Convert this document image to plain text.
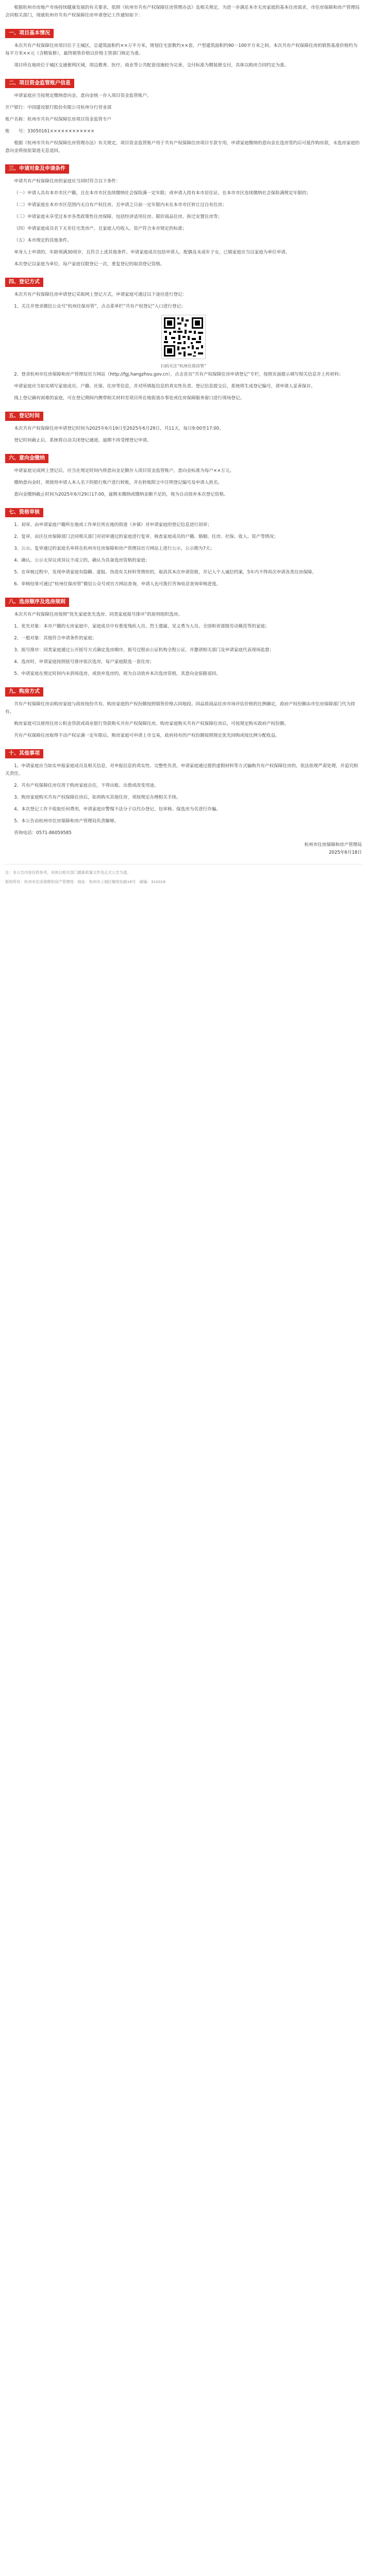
根据杭州市房地产市场持续健康发展的有关要求，依照《杭州市共有产权保障住房管理办法》及相关规定，为进一步满足本市无房家庭的基本住房需求，市住房保障和房产管理局会同相关部门，现就杭州市共有产权保障住房申请登记工作通知如下：

一、项目基本情况

本次共有产权保障住房项目位于主城区，总建筑面积约××万平方米，规划住宅套数约××套，户型建筑面积约90－100平方米之间。本次共有产权保障住房的销售基准价格约为每平方米××元（含精装修），最终销售价格以价格主管部门核定为准。

项目所在地块位于城区交通便利区域，周边教育、医疗、商业等公共配套设施较为完善，交付标准为精装修交付，具体以购房合同约定为准。

二、项目资金监管账户信息

申请家庭应当按规定缴纳意向金，意向金统一存入项目资金监管账户。

开户银行：中国建设银行股份有限公司杭州分行营业部

账户名称：杭州市共有产权保障住房项目资金监管专户

账　　号：33050161××××××××××××

根据《杭州市共有产权保障住房管理办法》有关规定，项目资金监管账户用于共有产权保障住房项目专款专用，申请家庭缴纳的意向金在选房签约后可抵作购房款，未选房家庭的意向金将按原渠道无息退回。

三、申请对象及申请条件

申请共有产权保障住房的家庭应当同时符合以下条件：

（一）申请人具有本市市区户籍，且在本市市区连续缴纳社会保险满一定年限；或申请人持有本市居住证，在本市市区连续缴纳社会保险满规定年限的；

（二）申请家庭在本市市区范围内无自有产权住房，且申请之日前一定年限内未在本市市区转让过自有住房；

（三）申请家庭未享受过本市各类政策性住房保障，包括经济适用住房、限价商品住房、拆迁安置住房等；

（四）申请家庭成员名下无非住宅类房产，且家庭人均收入、资产符合本市规定的标准；

（五）本市规定的其他条件。

单身人士申请的，年龄须满30周岁，且符合上述其他条件。申请家庭成员包括申请人、配偶及未成年子女，已婚家庭应当以家庭为单位申请。

本次登记以家庭为单位，每户家庭仅限登记一次，重复登记的取消登记资格。

四、登记方式

本次共有产权保障住房申请登记采取网上登记方式，申请家庭可通过以下途径进行登记：

1、关注并登录微信公众号“杭州住保房管”，点击菜单栏“共有产权登记”入口进行登记；

扫码关注“杭州住保房管”

2、登录杭州市住房保障和房产管理局官方网站（http://fgj.hangzhou.gov.cn），点击首页“共有产权保障住房申请登记”专栏，按照页面提示填写相关信息并上传材料；

申请家庭应当如实填写家庭成员、户籍、社保、住房等信息，并对所填报信息的真实性负责。登记信息提交后，系统将生成登记编号，请申请人妥善保存。

线上登记确有困难的家庭，可在登记期间内携带相关材料至项目所在地街道办事处或住房保障服务窗口进行现场登记。

五、登记时间

本次共有产权保障住房申请登记时间为2025年6月19日至2025年6月29日，共11天，每日9:00至17:00。

登记时间截止后，系统将自动关闭登记通道，逾期不再受理登记申请。

六、意向金缴纳

申请家庭完成网上登记后，应当在规定时间内将意向金足额存入项目资金监管账户，意向金标准为每户××万元。

缴纳意向金时，须使用申请人本人名下的银行账户进行转账，并在转账附言中注明登记编号及申请人姓名。

意向金缴纳截止时间为2025年6月29日17:00，逾期未缴纳或缴纳金额不足的，视为自动放弃本次登记资格。

七、资格审核

1、初审。由申请家庭户籍所在地或工作单位所在地的街道（乡镇）对申请家庭的登记信息进行初审；

2、复审。由区住房保障部门会同相关部门对初审通过的家庭进行复审，核查家庭成员的户籍、婚姻、住房、社保、收入、资产等情况；

3、公示。复审通过的家庭名单将在杭州市住房保障和房产管理局官方网站上进行公示，公示期为7天；

4、确认。公示无异议或异议不成立的，确认为具备选房资格的家庭；

5、在审核过程中，发现申请家庭有隐瞒、虚报、伪造有关材料等情形的，取消其本次申请资格，并记入个人诚信档案，5年内不得再次申请各类住房保障。

6、审核结果可通过“杭州住保房管”微信公众号或官方网站查询，申请人也可拨打咨询电话查询审核进度。

八、选房顺序及选房规则

本次共有产权保障住房按照“优先家庭优先选房、同类家庭摇号排序”的原则组织选房。

1、优先对象：本市户籍的无房家庭中，家庭成员中有重度残疾人员、烈士遗属、见义勇为人员、全国和省部级劳动模范等的家庭；

2、一般对象：其他符合申请条件的家庭；

3、摇号排序：同类家庭通过公开摇号方式确定选房顺序，摇号过程由公证机构全程公证，并邀请相关部门及申请家庭代表现场监督；

4、选房时，申请家庭按照摇号排序依次选房，每户家庭限选一套住房；

5、申请家庭在规定时间内未到场选房，或放弃选房的，视为自动放弃本次选房资格，其意向金原路退回。

九、购房方式

共有产权保障住房由购房家庭与政府按份共有。购房家庭的产权份额按照销售价格占同地段、同品质商品住房市场评估价格的比例确定，政府产权份额由市住房保障部门代为持有。

购房家庭可以使用住房公积金贷款或商业银行贷款购买共有产权保障住房。购房家庭购买共有产权保障住房后，可按规定购买政府产权份额。

共有产权保障住房取得不动产权证满一定年限后，购房家庭可申请上市交易，政府持有的产权份额按照规定优先回购或按比例分配收益。

十、其他事项

1、申请家庭应当如实申报家庭成员及相关信息，对申报信息的真实性、完整性负责。申请家庭通过提供虚假材料等方式骗购共有产权保障住房的，依法依规严肃处理，并追究相关责任。

2、共有产权保障住房仅用于购房家庭自住，不得出租、出借或改变用途。

3、购房家庭购买共有产权保障住房后，如再购买其他住房，须按规定办理相关手续。

4、本次登记工作不收取任何费用，申请家庭应警惕不法分子以代办登记、包审核、保选房为名进行诈骗。

5、本公告由杭州市住房保障和房产管理局负责解释。

咨询电话：0571-86059585

杭州市住房保障和房产管理局

2025年6月18日

注：本公告内容仅供参考，具体以相关部门最新政策文件及正式公告为准。

版权所有：杭州市住房保障和房产管理局　地址：杭州市上城区解放东路18号　邮编：310016
